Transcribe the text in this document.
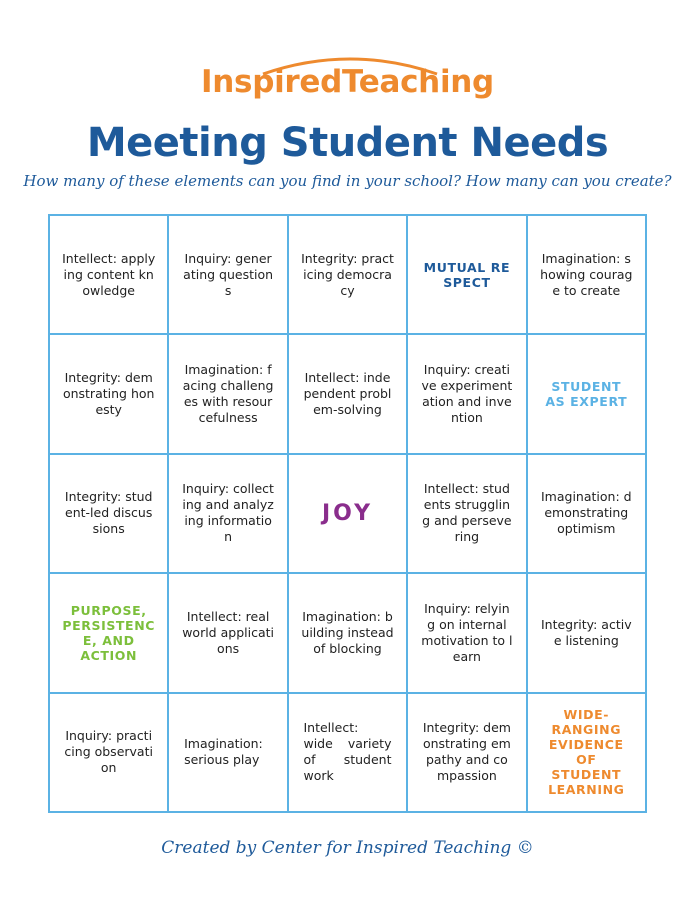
InspiredTeaching
Meeting Student Needs
How many of these elements can you find in your school? How many can you create?
Intellect: applying content knowledge
Inquiry: generating questions
Integrity: practicing democracy
MUTUAL RESPECT
Imagination: showing courage to create
Integrity: demonstrating honesty
Imagination: facing challenges with resourcefulness
Intellect: independent problem-solving
Inquiry: creative experimentation and invention
STUDENT AS EXPERT
Integrity: student-led discussions
Inquiry: collecting and analyzing information
JOY
Intellect: students struggling and persevering
Imagination: demonstrating optimism
PURPOSE, PERSISTENCE, AND ACTION
Intellect: real world applications
Imagination: building instead of blocking
Inquiry: relying on internal motivation to learn
Integrity: active listening
Inquiry: practicing observation
Imagination: serious play
Intellect: wide variety of student work
Integrity: demonstrating empathy and compassion
WIDE-RANGING EVIDENCE OF STUDENT LEARNING
Created by Center for Inspired Teaching ©
